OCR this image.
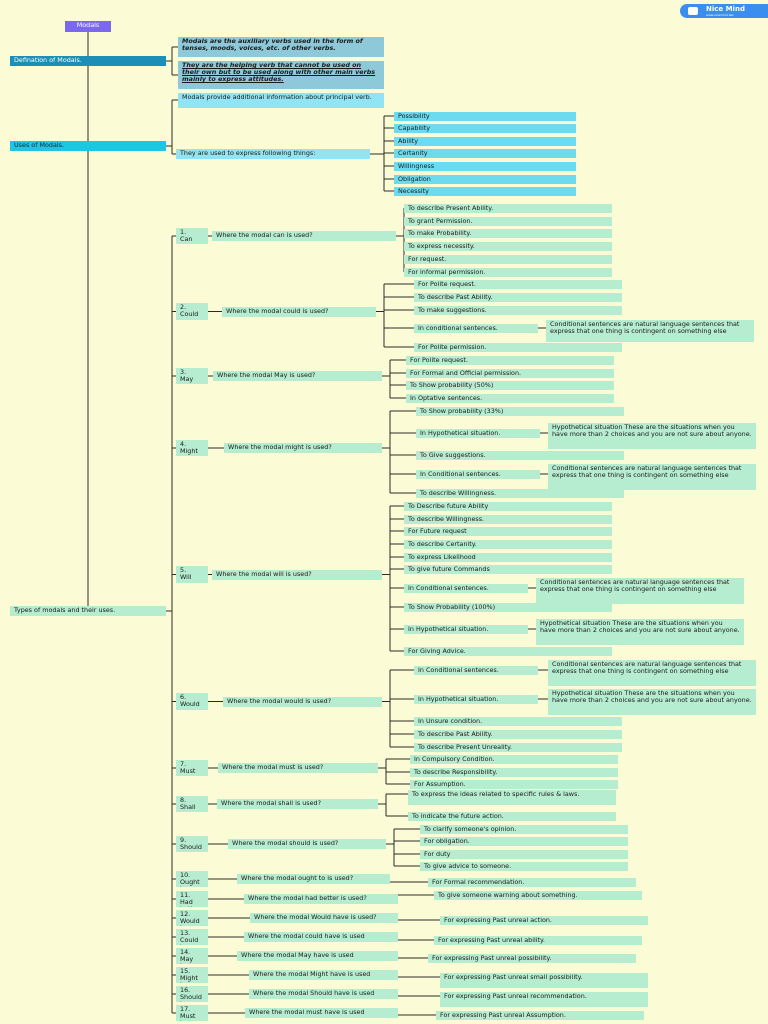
Nice Mind
www.nicemind.lab
Modals
Defination of Modals.
Modals are the auxiliary verbs used in the form of tenses, moods, voices, etc. of other verbs.
They are the helping verb that cannot be used on their own but to be used along with other main verbs mainly to express attitudes.
Uses of Modals.
Modals provide additional information about principal verb.
They are used to express following things:
Possibility
Capability
Ability
Certanity
Willingness
Obligation
Necessity
Types of modals and their uses.
1.
Can
Where the modal can is used?
To describe Present Ability.
To grant Permission.
To make Probability.
To express necessity.
For request.
For informal permission.
2.
Could	Where the modal could is used?
For Polite request.
To describe Past Ability.
To make suggestions.
In conditional sentences.	Conditional sentences are natural language sentences that express that one thing is contingent on something else
For Polite permission.
3.
May
Where the modal May is used?
For Polite request.
For Formal and Official permission.
To Show probability (50%)
In Optative sentences.
4.
Might
Where the modal might is used?
To Show probability (33%)
In Hypothetical situation.
Hypothetical situation These are the situations when you have more than 2 choices and you are not sure about anyone.
To Give suggestions.
In Conditional sentences.
Conditional sentences are natural language sentences that express that one thing is contingent on something else
To describe Willingness.
5.
Will	Where the modal will is used?
To Describe future Ability
To describe Willingness.
For Future request
To describe Certanity.
To express Likelihood
To give future Commands
In Conditional sentences.
Conditional sentences are natural language sentences that express that one thing is contingent on something else
To Show Probability (100%)
In Hypothetical situation.
Hypothetical situation These are the situations when you have more than 2 choices and you are not sure about anyone.
For Giving Advice.
6.
Would	Where the modal would is used?
In Conditional sentences.
Conditional sentences are natural language sentences that express that one thing is contingent on something else
In Hypothetical situation.
Hypothetical situation These are the situations when you have more than 2 choices and you are not sure about anyone.
In Unsure condition.
To describe Past Ability.
To describe Present Unreality.
7.
Must
Where the modal must is used?
In Compulsory Condition.
To describe Responsibility.
For Assumption.
8.
Shall
Where the modal shall is used?
To express the ideas related to specific rules & laws.
To indicate the future action.
9.
Should
Where the modal should is used?
To clarify someone's opinion.
For obligation.
For duty
To give advice to someone.
10.
Ought
Where the modal ought to is used?	For Formal recommendation.
11.
Had
Where the modal had better is used?	To give someone warning about something.
12.
Would
Where the modal Would have is used?	For expressing Past unreal action.
13.
Could
Where the modal could have is used	For expressing Past unreal ability.
14.
May
Where the modal May have is used	For expressing Past unreal possibility.
15.
Might
Where the modal Might have is used	For expressing Past unreal small possibility.
16.
Should
Where the modal Should have is used	For expressing Past unreal recommendation.
17.
Must
Where the modal must have is used	For expressing Past unreal Assumption.
